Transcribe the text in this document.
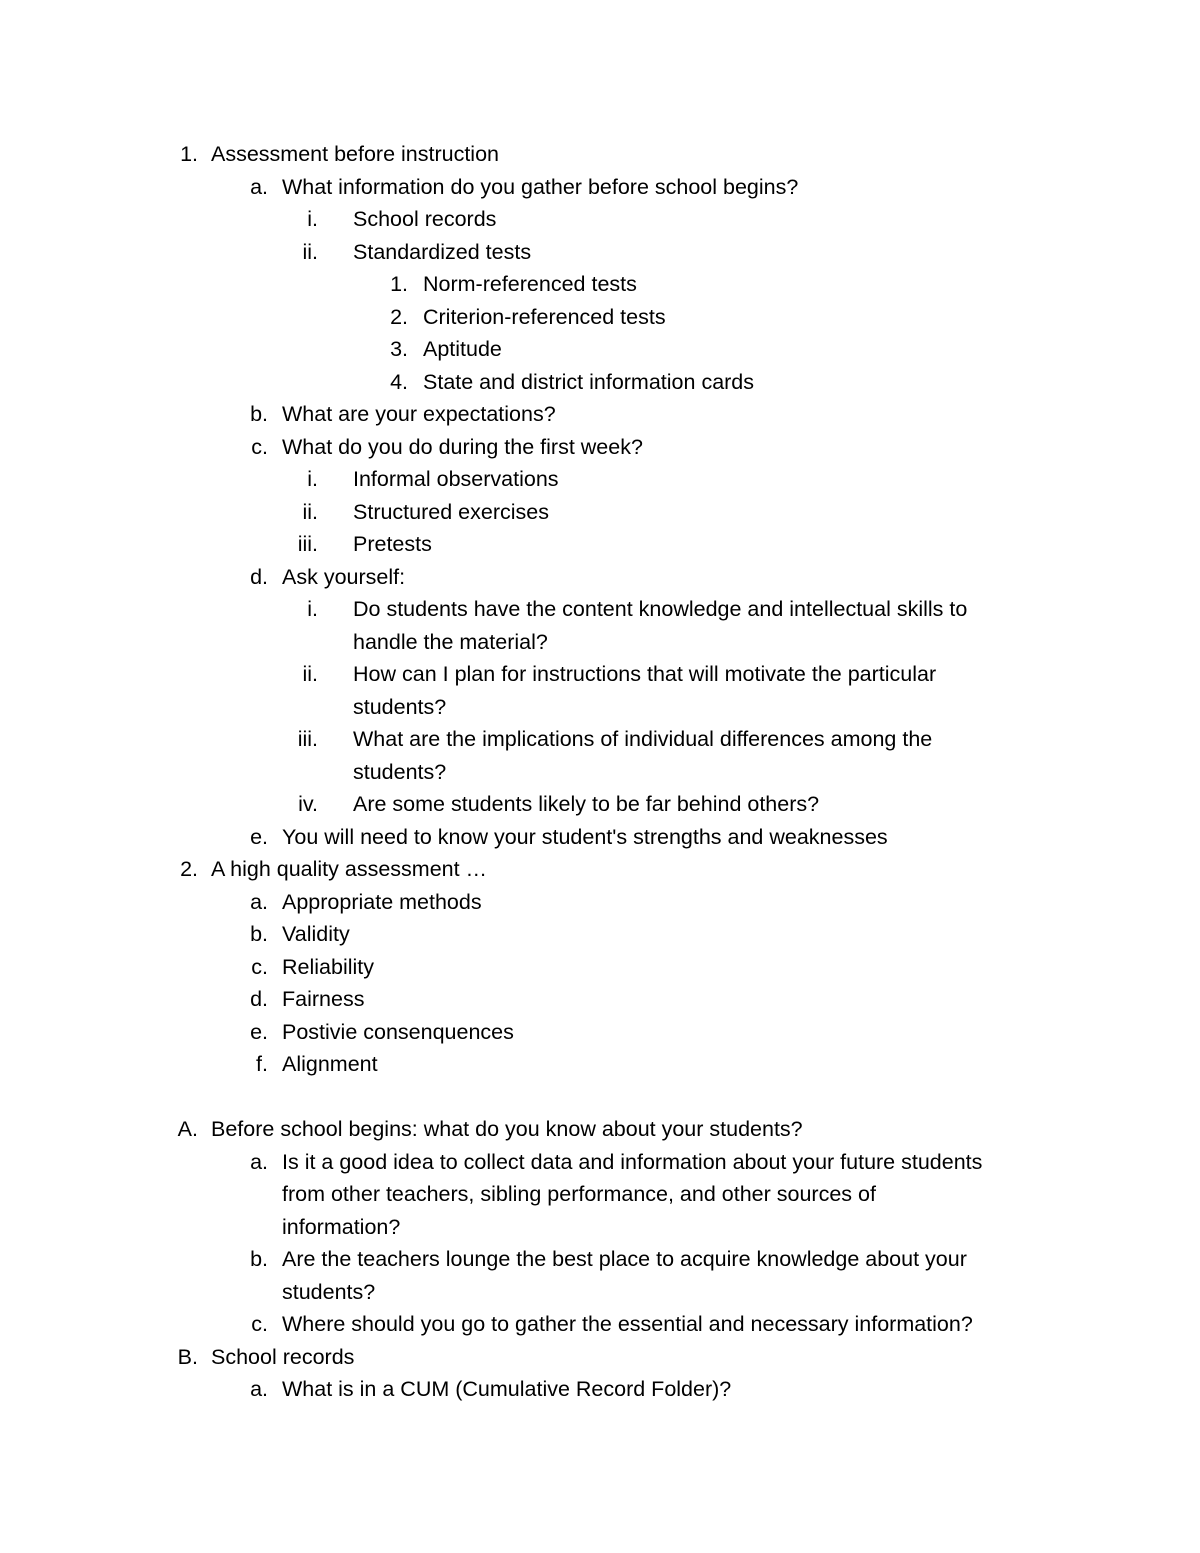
1. Assessment before instruction
a. What information do you gather before school begins?
i. School records
ii. Standardized tests
1. Norm-referenced tests
2. Criterion-referenced tests
3. Aptitude
4. State and district information cards
b. What are your expectations?
c. What do you do during the first week?
i. Informal observations
ii. Structured exercises
iii. Pretests
d. Ask yourself:
i. Do students have the content knowledge and intellectual skills to
handle the material?
ii. How can I plan for instructions that will motivate the particular
students?
iii. What are the implications of individual differences among the
students?
iv. Are some students likely to be far behind others?
e. You will need to know your student's strengths and weaknesses
2. A high quality assessment …
a. Appropriate methods
b. Validity
c. Reliability
d. Fairness
e. Postivie consenquences
f. Alignment
A. Before school begins: what do you know about your students?
a. Is it a good idea to collect data and information about your future students
from other teachers, sibling performance, and other sources of
information?
b. Are the teachers lounge the best place to acquire knowledge about your
students?
c. Where should you go to gather the essential and necessary information?
B. School records
a. What is in a CUM (Cumulative Record Folder)?
